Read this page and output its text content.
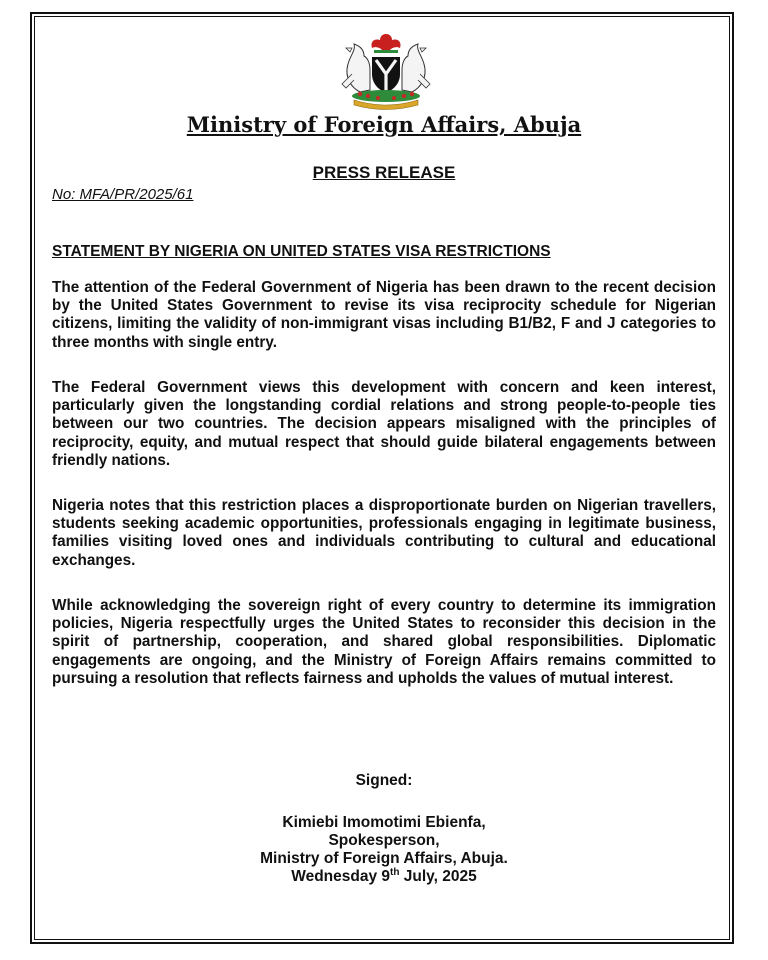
Ministry of Foreign Affairs, Abuja
PRESS RELEASE
No: MFA/PR/2025/61
STATEMENT BY NIGERIA ON UNITED STATES VISA RESTRICTIONS

The attention of the Federal Government of Nigeria has been drawn to the recent decision by the United States Government to revise its visa reciprocity schedule for Nigerian citizens, limiting the validity of non-immigrant visas including B1/B2, F and J categories to three months with single entry.

The Federal Government views this development with concern and keen interest, particularly given the longstanding cordial relations and strong people-to-people ties between our two countries. The decision appears misaligned with the principles of reciprocity, equity, and mutual respect that should guide bilateral engagements between friendly nations.

Nigeria notes that this restriction places a disproportionate burden on Nigerian travellers, students seeking academic opportunities, professionals engaging in legitimate business, families visiting loved ones and individuals contributing to cultural and educational exchanges.

While acknowledging the sovereign right of every country to determine its immigration policies, Nigeria respectfully urges the United States to reconsider this decision in the spirit of partnership, cooperation, and shared global responsibilities. Diplomatic engagements are ongoing, and the Ministry of Foreign Affairs remains committed to pursuing a resolution that reflects fairness and upholds the values of mutual interest.

Signed:
Kimiebi Imomotimi Ebienfa,
Spokesperson,
Ministry of Foreign Affairs, Abuja.
Wednesday 9th July, 2025
